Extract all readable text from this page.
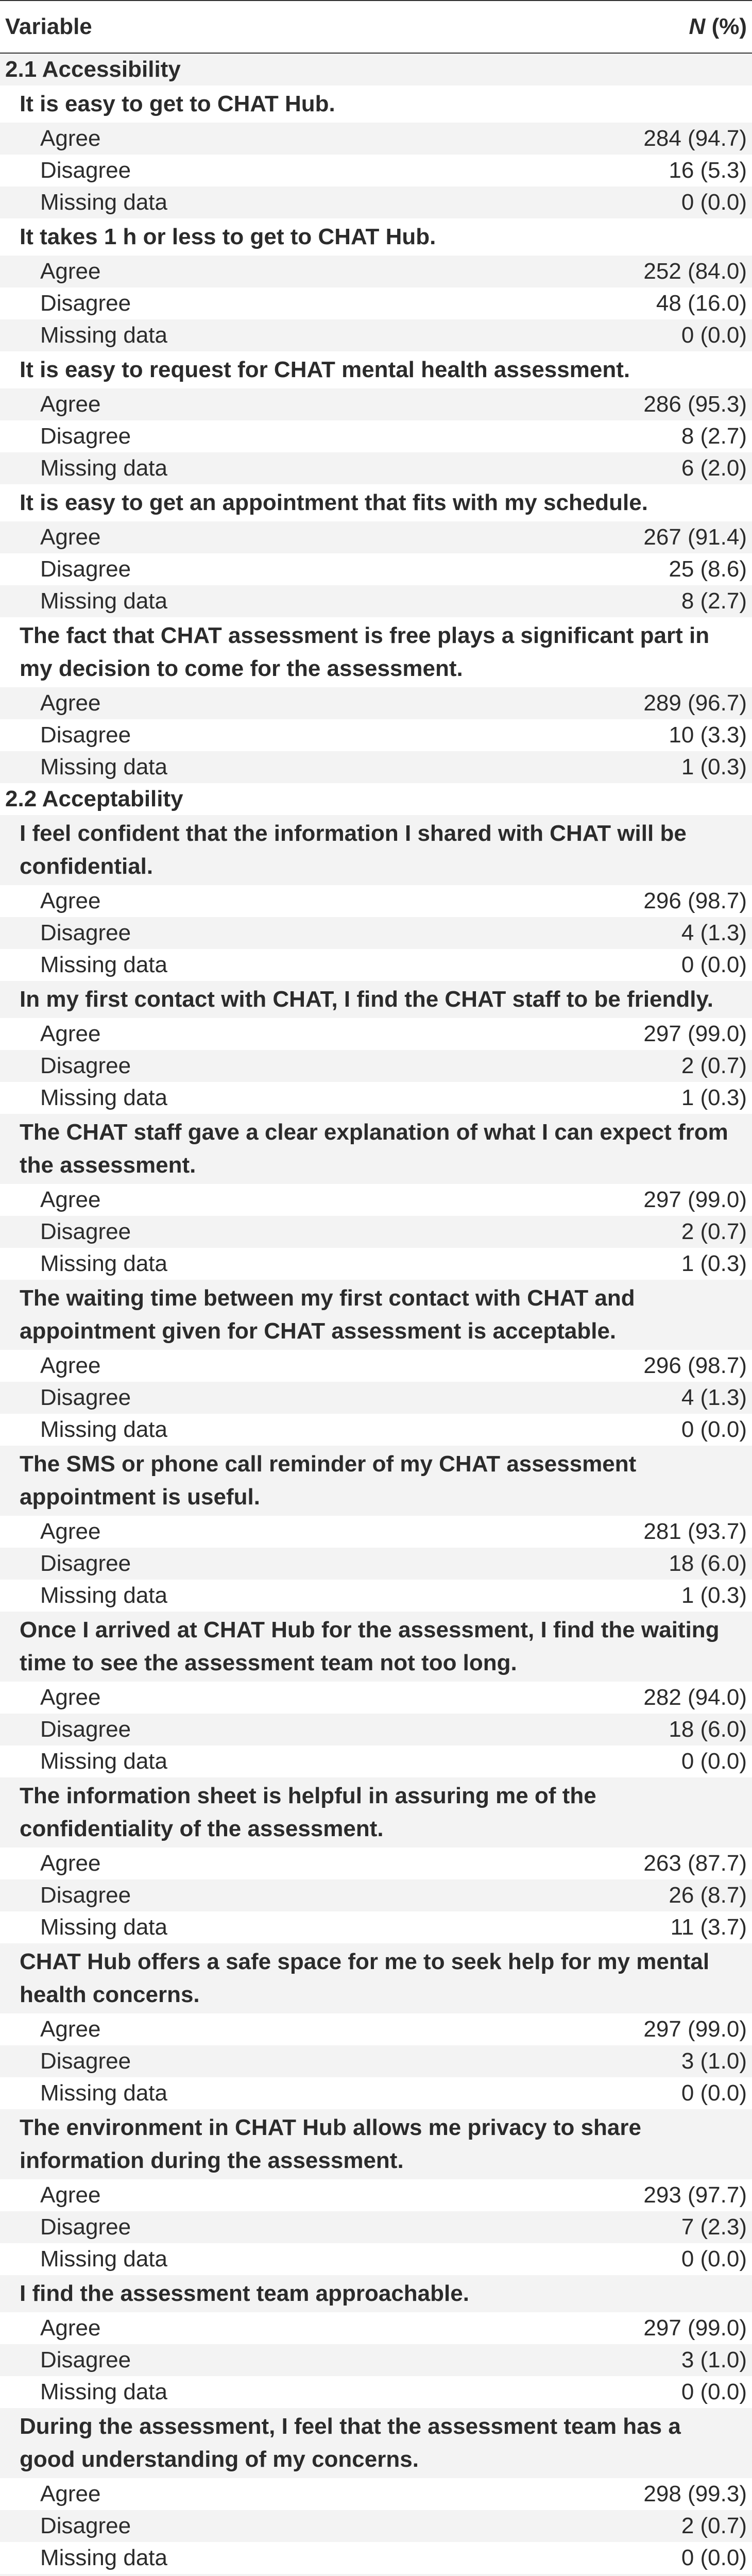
Variable	N (%)
2.1 Accessibility	
It is easy to get to CHAT Hub.	
Agree	284 (94.7)
Disagree	16 (5.3)
Missing data	0 (0.0)
It takes 1 h or less to get to CHAT Hub.	
Agree	252 (84.0)
Disagree	48 (16.0)
Missing data	0 (0.0)
It is easy to request for CHAT mental health assessment.	
Agree	286 (95.3)
Disagree	8 (2.7)
Missing data	6 (2.0)
It is easy to get an appointment that fits with my schedule.	
Agree	267 (91.4)
Disagree	25 (8.6)
Missing data	8 (2.7)
The fact that CHAT assessment is free plays a significant part in my decision to come for the assessment.	
Agree	289 (96.7)
Disagree	10 (3.3)
Missing data	1 (0.3)
2.2 Acceptability	
I feel confident that the information I shared with CHAT will be confidential.	
Agree	296 (98.7)
Disagree	4 (1.3)
Missing data	0 (0.0)
In my first contact with CHAT, I find the CHAT staff to be friendly.	
Agree	297 (99.0)
Disagree	2 (0.7)
Missing data	1 (0.3)
The CHAT staff gave a clear explanation of what I can expect from the assessment.	
Agree	297 (99.0)
Disagree	2 (0.7)
Missing data	1 (0.3)
The waiting time between my first contact with CHAT and appointment given for CHAT assessment is acceptable.	
Agree	296 (98.7)
Disagree	4 (1.3)
Missing data	0 (0.0)
The SMS or phone call reminder of my CHAT assessment appointment is useful.	
Agree	281 (93.7)
Disagree	18 (6.0)
Missing data	1 (0.3)
Once I arrived at CHAT Hub for the assessment, I find the waiting time to see the assessment team not too long.	
Agree	282 (94.0)
Disagree	18 (6.0)
Missing data	0 (0.0)
The information sheet is helpful in assuring me of the confidentiality of the assessment.	
Agree	263 (87.7)
Disagree	26 (8.7)
Missing data	11 (3.7)
CHAT Hub offers a safe space for me to seek help for my mental health concerns.	
Agree	297 (99.0)
Disagree	3 (1.0)
Missing data	0 (0.0)
The environment in CHAT Hub allows me privacy to share information during the assessment.	
Agree	293 (97.7)
Disagree	7 (2.3)
Missing data	0 (0.0)
I find the assessment team approachable.	
Agree	297 (99.0)
Disagree	3 (1.0)
Missing data	0 (0.0)
During the assessment, I feel that the assessment team has a good understanding of my concerns.	
Agree	298 (99.3)
Disagree	2 (0.7)
Missing data	0 (0.0)
